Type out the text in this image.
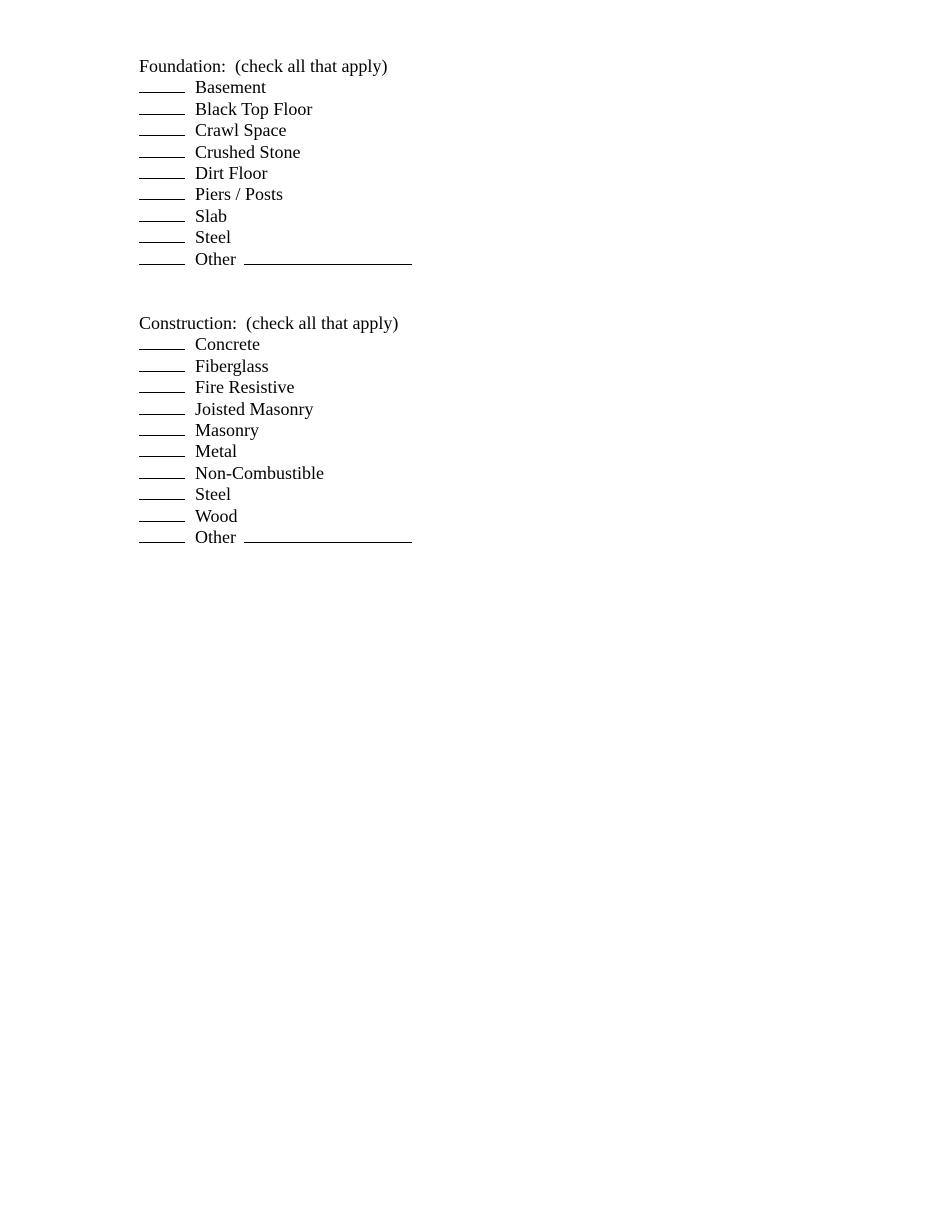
Foundation:  (check all that apply)
Basement
Black Top Floor
Crawl Space
Crushed Stone
Dirt Floor
Piers / Posts
Slab
Steel
Other
Construction:  (check all that apply)
Concrete
Fiberglass
Fire Resistive
Joisted Masonry
Masonry
Metal
Non-Combustible
Steel
Wood
Other
